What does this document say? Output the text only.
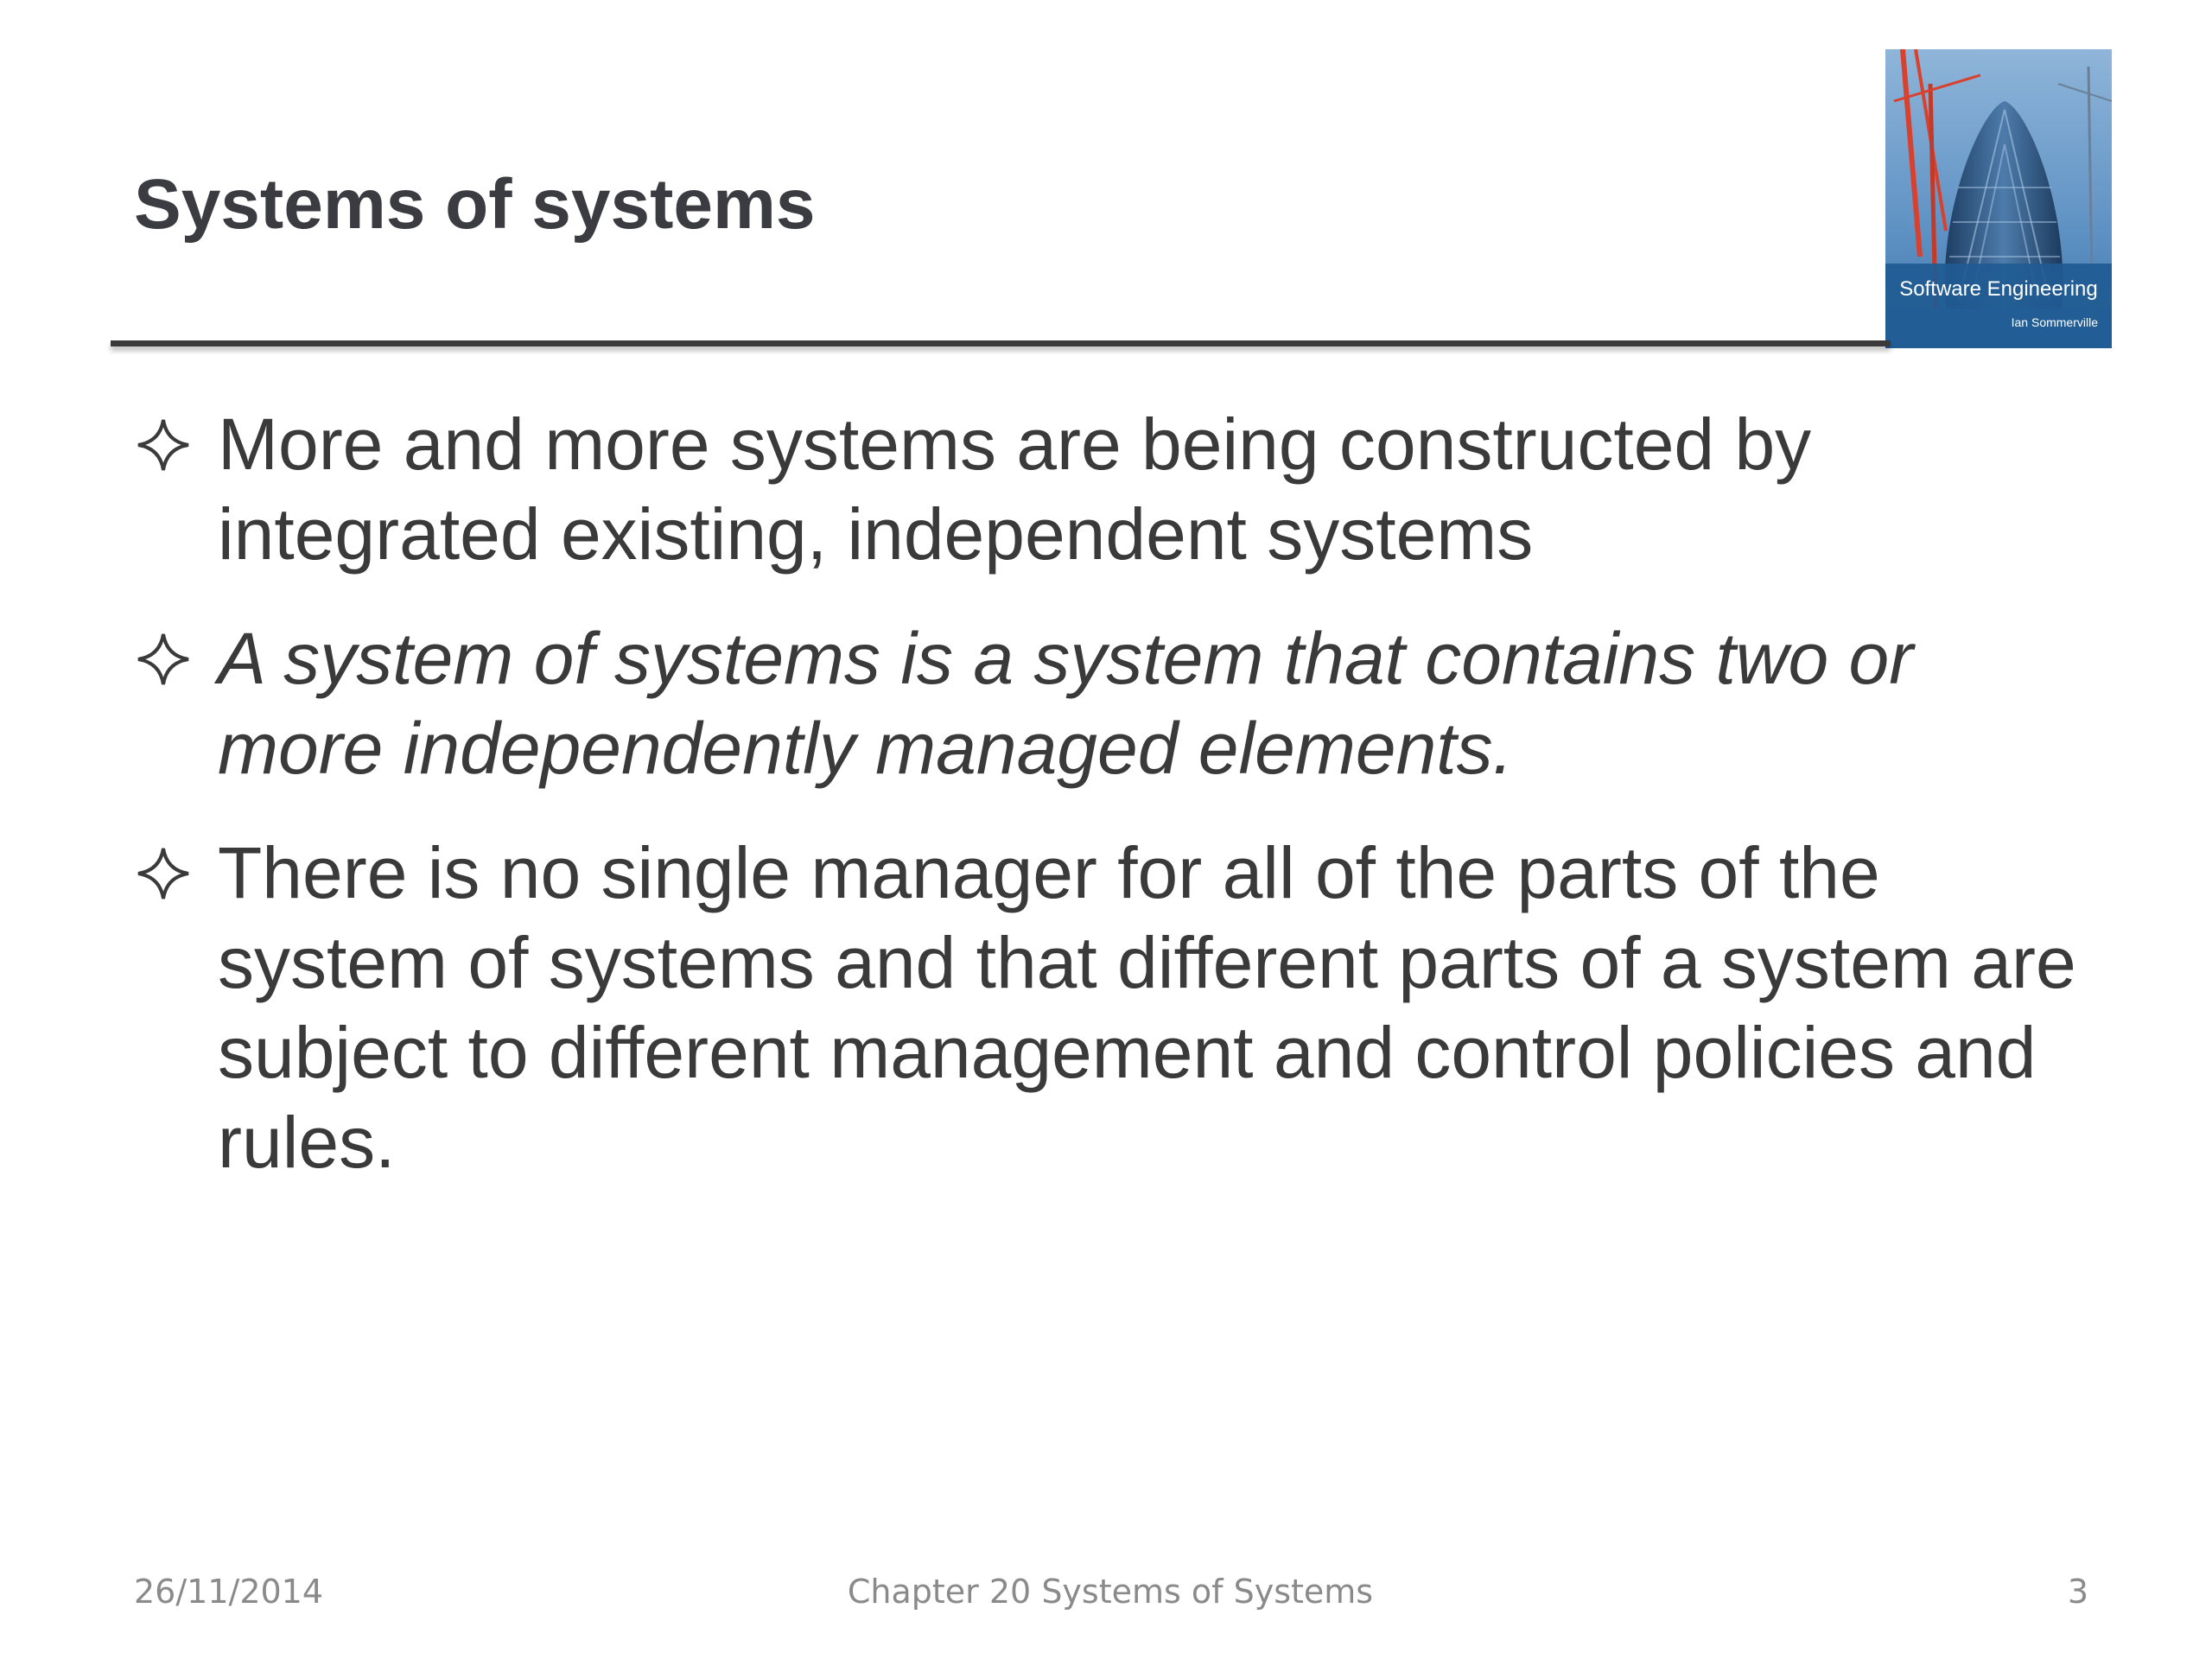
Systems of systems
Software Engineering
Ian Sommerville
More and more systems are being constructed by integrated existing, independent systems
A system of systems is a system that contains two or more independently managed elements.
There is no single manager for all of the parts of the system of systems and that different parts of a system are subject to different management and control policies and rules.
26/11/2014	Chapter 20 Systems of Systems	3
